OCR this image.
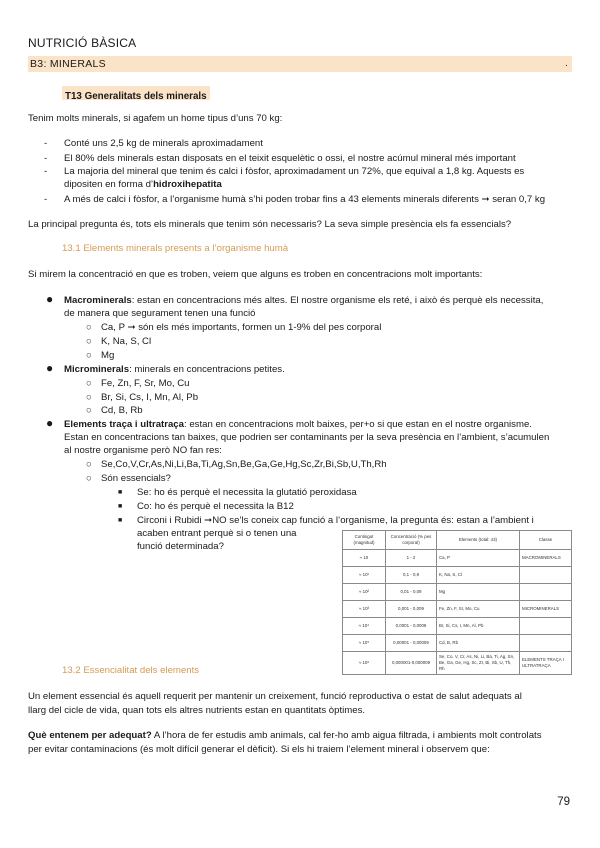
NUTRICIÓ BÀSICA
B3: MINERALS	.
T13 Generalitats dels minerals
Tenim molts minerals, si agafem un home tipus d’uns 70 kg:
- Conté uns 2,5 kg de minerals aproximadament
- El 80% dels minerals estan disposats en el teixit esquelètic o ossi, el nostre acúmul mineral més important
- La majoria del mineral que tenim és calci i fòsfor, aproximadament un 72%, que equival a 1,8 kg. Aquests es
dipositen en forma d’hidroxihepatita
- A més de calci i fòsfor, a l’organisme humà s’hi poden trobar fins a 43 elements minerals diferents ➞ seran 0,7 kg
La principal pregunta és, tots els minerals que tenim són necessaris? La seva simple presència els fa essencials?
13.1 Elements minerals presents a l’organisme humà
Si mirem la concentració en que es troben, veiem que alguns es troben en concentracions molt importants:
● Macrominerals: estan en concentracions més altes. El nostre organisme els reté, i això és perquè els necessita,
de manera que segurament tenen una funció
○ Ca, P ➞ són els més importants, formen un 1-9% del pes corporal
○ K, Na, S, Cl
○ Mg
● Microminerals: minerals en concentracions petites.
○ Fe, Zn, F, Sr, Mo, Cu
○ Br, Si, Cs, I, Mn, Al, Pb
○ Cd, B, Rb
● Elements traça i ultratraça: estan en concentracions molt baixes, per+o si que estan en el nostre organisme.
Estan en concentracions tan baixes, que podrien ser contaminants per la seva presència en l’ambient, s’acumulen
al nostre organisme però NO fan res:
○ Se,Co,V,Cr,As,Ni,Li,Ba,Ti,Ag,Sn,Be,Ga,Ge,Hg,Sc,Zr,Bi,Sb,U,Th,Rh
○ Són essencials?
■ Se: ho és perquè el necessita la glutatió peroxidasa
■ Co: ho és perquè el necessita la B12
■ Circoni i Rubidi ➞NO se’ls coneix cap funció a l’organisme, la pregunta és: estan a l’ambient i
acaben entrant perquè si o tenen una
funció determinada?
Contingut (magnitud)	Concentració (% pes corporal)	Elements (total: 43)	Classe
≈ 10	1 - 2	Ca, P	MACROMINERALS
≈ 10¹	0,1 - 0,9	K, Na, S, Cl	
≈ 10²	0,01 - 0,09	Mg	
≈ 10³	0,001 - 0,009	Fe, Zn, F, Sr, Mo, Cu	MICROMINERALS
≈ 10⁴	0,0001 - 0,0009	Br, Si, Cs, I, Mn, Al, Pb	
≈ 10⁵	0,00001 - 0,00009	Cd, B, Rb	
≈ 10⁶	0,000001-0,000009	Se, Co, V, Cr, As, Ni, Li, Ba, Ti, Ag, Sn, Be, Ga, Ge, Hg, Sc, Zr, Bi, Sb, U, Th, Rh	ELEMENTS TRAÇA I ULTRATRAÇA
13.2 Essencialitat dels elements
Un element essencial és aquell requerit per mantenir un creixement, funció reproductiva o estat de salut adequats al
llarg del cicle de vida, quan tots els altres nutrients estan en quantitats òptimes.
Què entenem per adequat? A l’hora de fer estudis amb animals, cal fer-ho amb aigua filtrada, i ambients molt controlats
per evitar contaminacions (és molt difícil generar el dèficit). Si els hi traiem l’element mineral i observem que:
79
